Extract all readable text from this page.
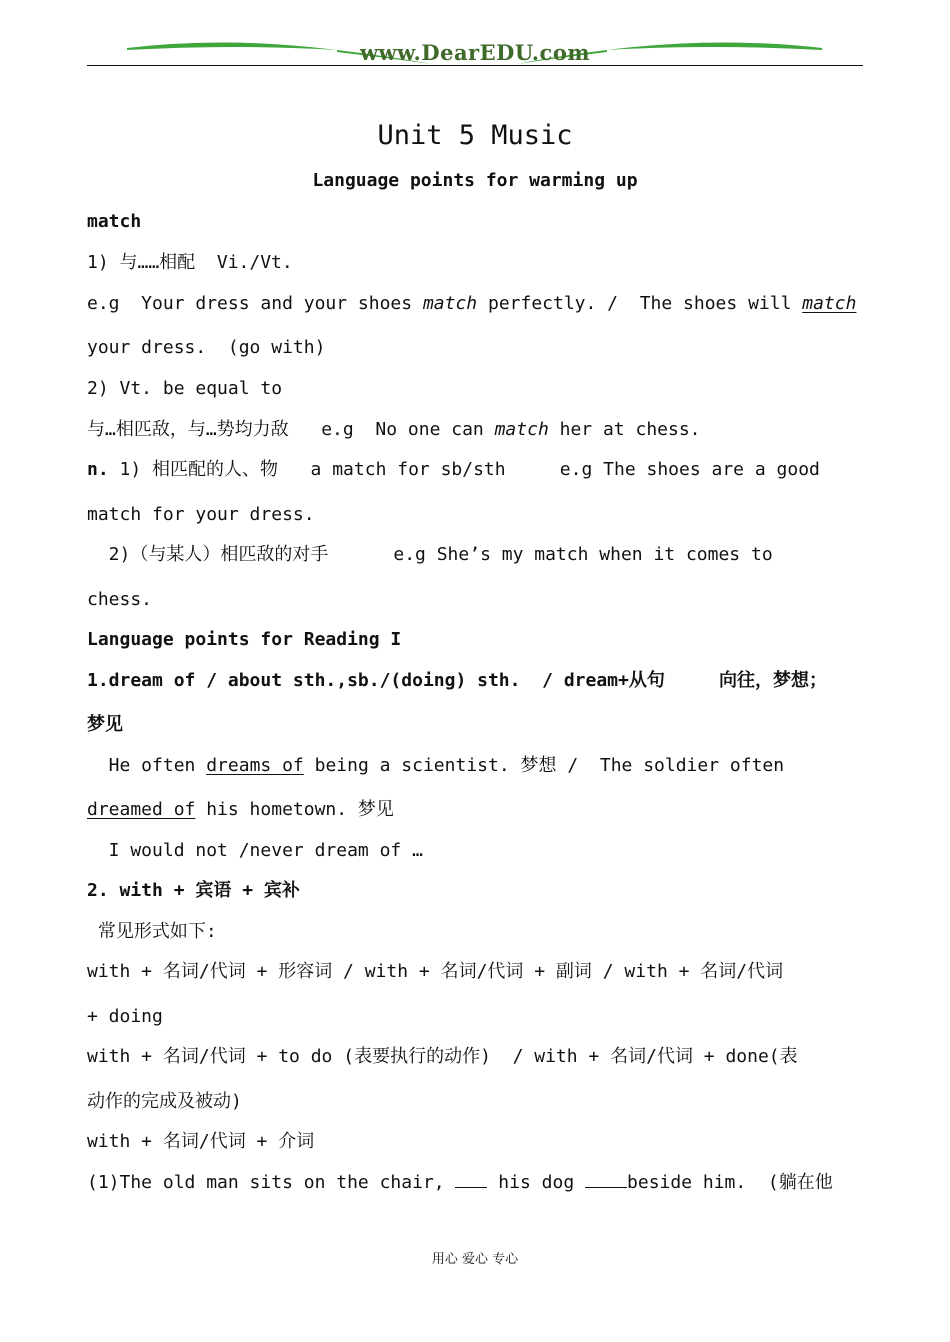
www.DearEDU.com
Unit 5 Music
Language points for warming up
match
1) 与……相配  Vi./Vt.
e.g  Your dress and your shoes match perfectly. /  The shoes will match
your dress.  (go with)
2) Vt. be equal to
与…相匹敌，与…势均力敌   e.g  No one can match her at chess.
n. 1) 相匹配的人、物   a match for sb/sth     e.g The shoes are a good
match for your dress.
2)（与某人）相匹敌的对手      e.g She’s my match when it comes to
chess.
Language points for Reading I
1.dream of / about sth.,sb./(doing) sth.  / dream+从句     向往，梦想；
梦见
He often dreams of being a scientist. 梦想 /  The soldier often
dreamed of his hometown. 梦见
I would not /never dream of …
2. with + 宾语 + 宾补
常见形式如下:
with + 名词/代词 + 形容词 / with + 名词/代词 + 副词 / with + 名词/代词
+ doing
with + 名词/代词 + to do (表要执行的动作)  / with + 名词/代词 + done(表
动作的完成及被动)
with + 名词/代词 + 介词
(1)The old man sits on the chair,  his dog beside him.  (躺在他
用心 爱心 专心
